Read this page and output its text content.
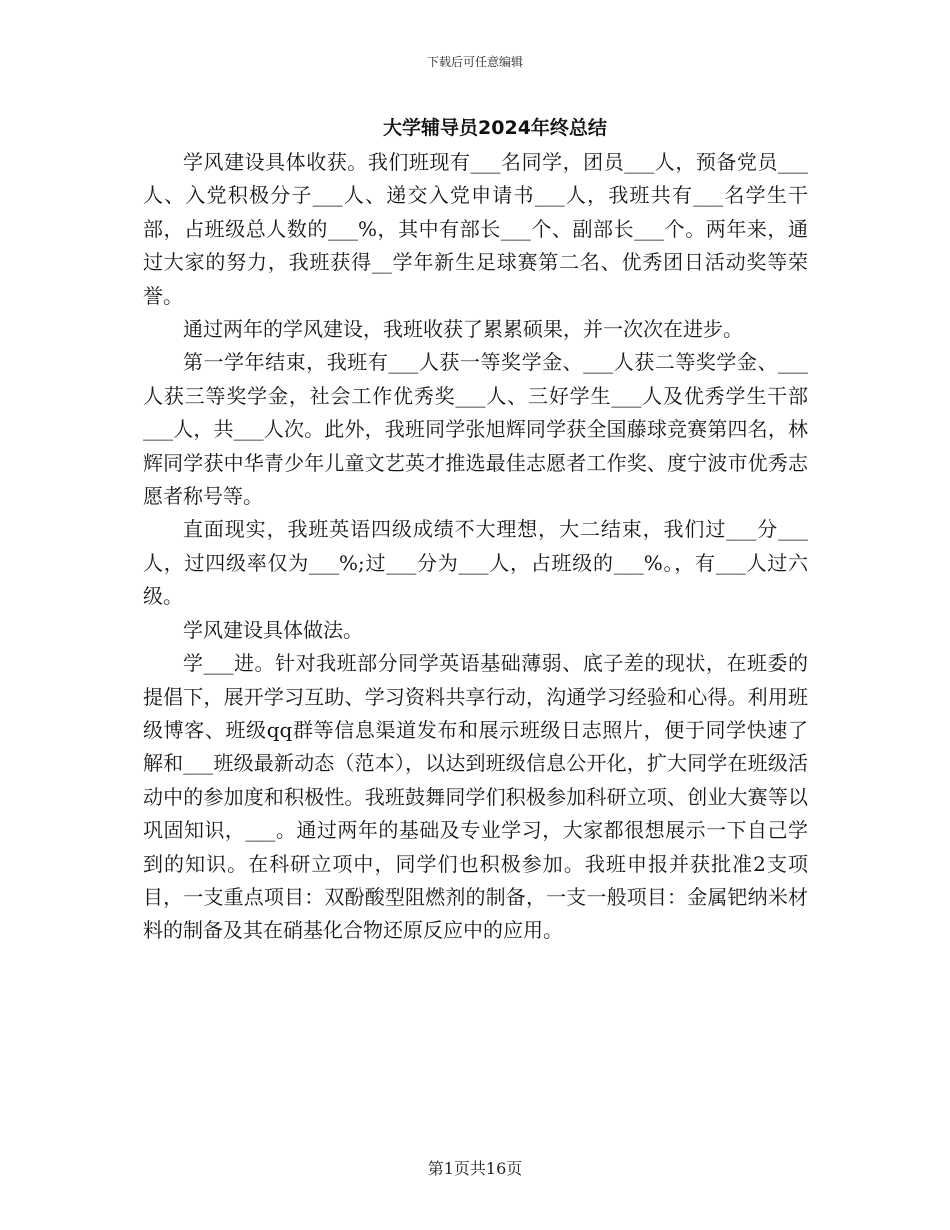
下载后可任意编辑
大学辅导员2024年终总结

学风建设具体收获。我们班现有___名同学，团员___人，预备党员___人、入党积极分子___人、递交入党申请书___人，我班共有___名学生干部，占班级总人数的___%，其中有部长___个、副部长___个。两年来，通过大家的努力，我班获得__学年新生足球赛第二名、优秀团日活动奖等荣誉。

通过两年的学风建设，我班收获了累累硕果，并一次次在进步。

第一学年结束，我班有___人获一等奖学金、___人获二等奖学金、___人获三等奖学金，社会工作优秀奖___人、三好学生___人及优秀学生干部___人，共___人次。此外，我班同学张旭辉同学获全国藤球竞赛第四名，林辉同学获中华青少年儿童文艺英才推选最佳志愿者工作奖、度宁波市优秀志愿者称号等。

直面现实，我班英语四级成绩不大理想，大二结束，我们过___分___人，过四级率仅为___%;过___分为___人，占班级的___%。，有___人过六级。

学风建设具体做法。

学___进。针对我班部分同学英语基础薄弱、底子差的现状，在班委的提倡下，展开学习互助、学习资料共享行动，沟通学习经验和心得。利用班级博客、班级qq群等信息渠道发布和展示班级日志照片，便于同学快速了解和___班级最新动态（范本），以达到班级信息公开化，扩大同学在班级活动中的参加度和积极性。我班鼓舞同学们积极参加科研立项、创业大赛等以巩固知识，___。通过两年的基础及专业学习，大家都很想展示一下自己学到的知识。在科研立项中，同学们也积极参加。我班申报并获批准2支项目，一支重点项目：双酚酸型阻燃剂的制备，一支一般项目：金属钯纳米材料的制备及其在硝基化合物还原反应中的应用。

第1页共16页
